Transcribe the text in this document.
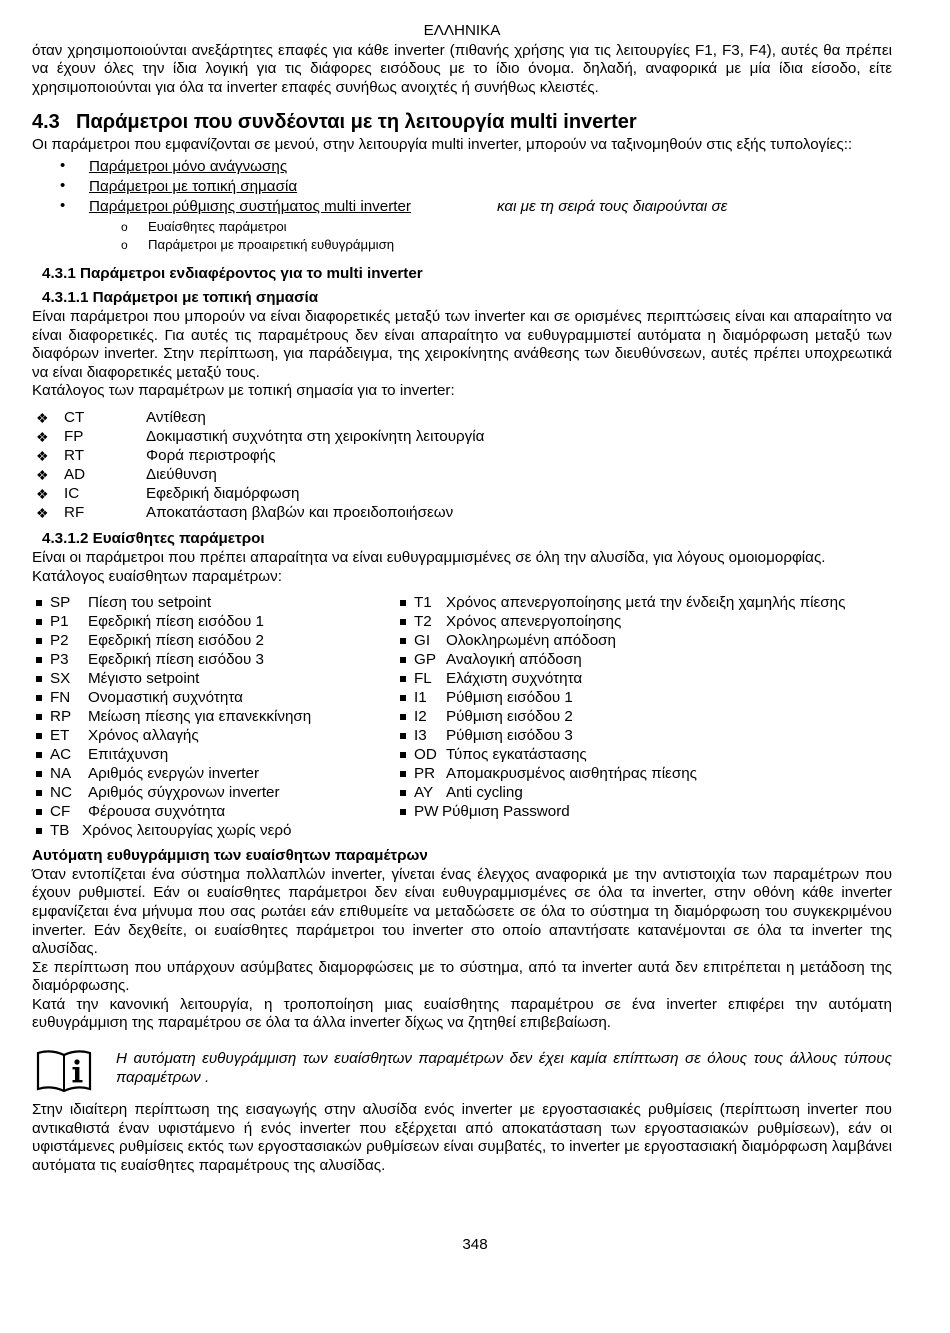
ΕΛΛΗΝΙΚΑ

όταν χρησιμοποιούνται ανεξάρτητες επαφές για κάθε inverter (πιθανής χρήσης για τις λειτουργίες F1, F3, F4), αυτές θα πρέπει να έχουν όλες την ίδια λογική για τις διάφορες εισόδους με το ίδιο όνομα. δηλαδή, αναφορικά με μία ίδια είσοδο, είτε χρησιμοποιούνται για όλα τα inverter επαφές συνήθως ανοιχτές ή συνήθως κλειστές.

4.3 Παράμετροι που συνδέονται με τη λειτουργία multi inverter

Οι παράμετροι που εμφανίζονται σε μενού, στην λειτουργία multi inverter, μπορούν να ταξινομηθούν στις εξής τυπολογίες::

• Παράμετροι μόνο ανάγνωσης
• Παράμετροι με τοπική σημασία
• Παράμετροι ρύθμισης συστήματος multi inverter	και με τη σειρά τους διαιρούνται σε
o Ευαίσθητες παράμετροι
o Παράμετροι με προαιρετική ευθυγράμμιση
4.3.1 Παράμετροι ενδιαφέροντος για το multi inverter
4.3.1.1 Παράμετροι με τοπική σημασία

Είναι παράμετροι που μπορούν να είναι διαφορετικές μεταξύ των inverter και σε ορισμένες περιπτώσεις είναι και απαραίτητο να είναι διαφορετικές. Για αυτές τις παραμέτρους δεν είναι απαραίτητο να ευθυγραμμιστεί αυτόματα η διαμόρφωση μεταξύ των διαφόρων inverter. Στην περίπτωση, για παράδειγμα, της χειροκίνητης ανάθεσης των διευθύνσεων, αυτές πρέπει υποχρεωτικά να είναι διαφορετικές μεταξύ τους.

Κατάλογος των παραμέτρων με τοπική σημασία για το inverter:

❖ CT	Αντίθεση
❖ FP	Δοκιμαστική συχνότητα στη χειροκίνητη λειτουργία
❖ RT	Φορά περιστροφής
❖ AD	Διεύθυνση
❖ IC	Εφεδρική διαμόρφωση
❖ RF	Αποκατάσταση βλαβών και προειδοποιήσεων
4.3.1.2 Ευαίσθητες παράμετροι

Είναι οι παράμετροι που πρέπει απαραίτητα να είναι ευθυγραμμισμένες σε όλη την αλυσίδα, για λόγους ομοιομορφίας.

Κατάλογος ευαίσθητων παραμέτρων:

SP Πίεση του setpoint
P1 Εφεδρική πίεση εισόδου 1
P2 Εφεδρική πίεση εισόδου 2
P3 Εφεδρική πίεση εισόδου 3
SX Μέγιστο setpoint
FN Ονομαστική συχνότητα
RP Μείωση πίεσης για επανεκκίνηση
ET Χρόνος αλλαγής
AC Επιτάχυνση
NA Αριθμός ενεργών inverter
NC Αριθμός σύγχρονων inverter
CF Φέρουσα συχνότητα
TB Χρόνος λειτουργίας χωρίς νερό
T1 Χρόνος απενεργοποίησης μετά την ένδειξη χαμηλής πίεσης
T2 Χρόνος απενεργοποίησης
GI Ολοκληρωμένη απόδοση
GP Αναλογική απόδοση
FL Ελάχιστη συχνότητα
I1 Ρύθμιση εισόδου 1
I2 Ρύθμιση εισόδου 2
I3 Ρύθμιση εισόδου 3
OD Τύπος εγκατάστασης
PR Απομακρυσμένος αισθητήρας πίεσης
AY Anti cycling
PW Ρύθμιση Password

Αυτόματη ευθυγράμμιση των ευαίσθητων παραμέτρων

Όταν εντοπίζεται ένα σύστημα πολλαπλών inverter, γίνεται ένας έλεγχος αναφορικά με την αντιστοιχία των παραμέτρων που έχουν ρυθμιστεί. Εάν οι ευαίσθητες παράμετροι δεν είναι ευθυγραμμισμένες σε όλα τα inverter, στην οθόνη κάθε inverter εμφανίζεται ένα μήνυμα που σας ρωτάει εάν επιθυμείτε να μεταδώσετε σε όλα το σύστημα τη διαμόρφωση του συγκεκριμένου inverter. Εάν δεχθείτε, οι ευαίσθητες παράμετροι του inverter στο οποίο απαντήσατε κατανέμονται σε όλα τα inverter της αλυσίδας.

Σε περίπτωση που υπάρχουν ασύμβατες διαμορφώσεις με το σύστημα, από τα inverter αυτά δεν επιτρέπεται η μετάδοση της διαμόρφωσης.

Κατά την κανονική λειτουργία, η τροποποίηση μιας ευαίσθητης παραμέτρου σε ένα inverter επιφέρει την αυτόματη ευθυγράμμιση της παραμέτρου σε όλα τα άλλα inverter δίχως να ζητηθεί επιβεβαίωση.

Η αυτόματη ευθυγράμμιση των ευαίσθητων παραμέτρων δεν έχει καμία επίπτωση σε όλους τους άλλους τύπους παραμέτρων .

Στην ιδιαίτερη περίπτωση της εισαγωγής στην αλυσίδα ενός inverter με εργοστασιακές ρυθμίσεις (περίπτωση inverter που αντικαθιστά έναν υφιστάμενο ή ενός inverter που εξέρχεται από αποκατάσταση των εργοστασιακών ρυθμίσεων), εάν οι υφιστάμενες ρυθμίσεις εκτός των εργοστασιακών ρυθμίσεων είναι συμβατές, το inverter με εργοστασιακή διαμόρφωση λαμβάνει αυτόματα τις ευαίσθητες παραμέτρους της αλυσίδας.

348
